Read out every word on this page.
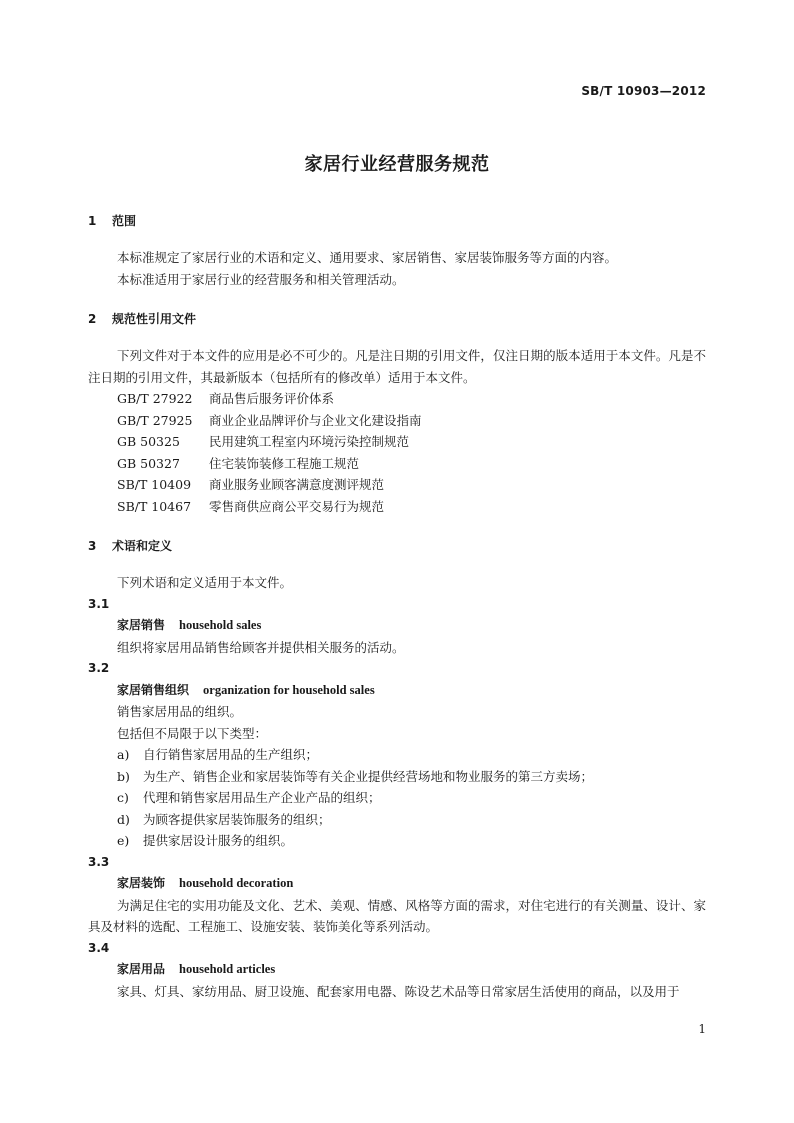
SB/T 10903—2012
家居行业经营服务规范
1 范围

本标准规定了家居行业的术语和定义、通用要求、家居销售、家居装饰服务等方面的内容。

本标准适用于家居行业的经营服务和相关管理活动。

2 规范性引用文件

下列文件对于本文件的应用是必不可少的。凡是注日期的引用文件，仅注日期的版本适用于本文件。凡是不注日期的引用文件，其最新版本（包括所有的修改单）适用于本文件。

GB/T 27922 商品售后服务评价体系
GB/T 27925 商业企业品牌评价与企业文化建设指南
GB 50325 民用建筑工程室内环境污染控制规范
GB 50327 住宅装饰装修工程施工规范
SB/T 10409 商业服务业顾客满意度测评规范
SB/T 10467 零售商供应商公平交易行为规范
3 术语和定义

下列术语和定义适用于本文件。

3.1
家居销售 household sales
组织将家居用品销售给顾客并提供相关服务的活动。
3.2
家居销售组织 organization for household sales
销售家居用品的组织。
包括但不局限于以下类型：
a) 自行销售家居用品的生产组织；
b) 为生产、销售企业和家居装饰等有关企业提供经营场地和物业服务的第三方卖场；
c) 代理和销售家居用品生产企业产品的组织；
d) 为顾客提供家居装饰服务的组织；
e) 提供家居设计服务的组织。
3.3
家居装饰 household decoration

为满足住宅的实用功能及文化、艺术、美观、情感、风格等方面的需求，对住宅进行的有关测量、设计、家具及材料的选配、工程施工、设施安装、装饰美化等系列活动。

3.4
家居用品 household articles

家具、灯具、家纺用品、厨卫设施、配套家用电器、陈设艺术品等日常家居生活使用的商品，以及用于

1
